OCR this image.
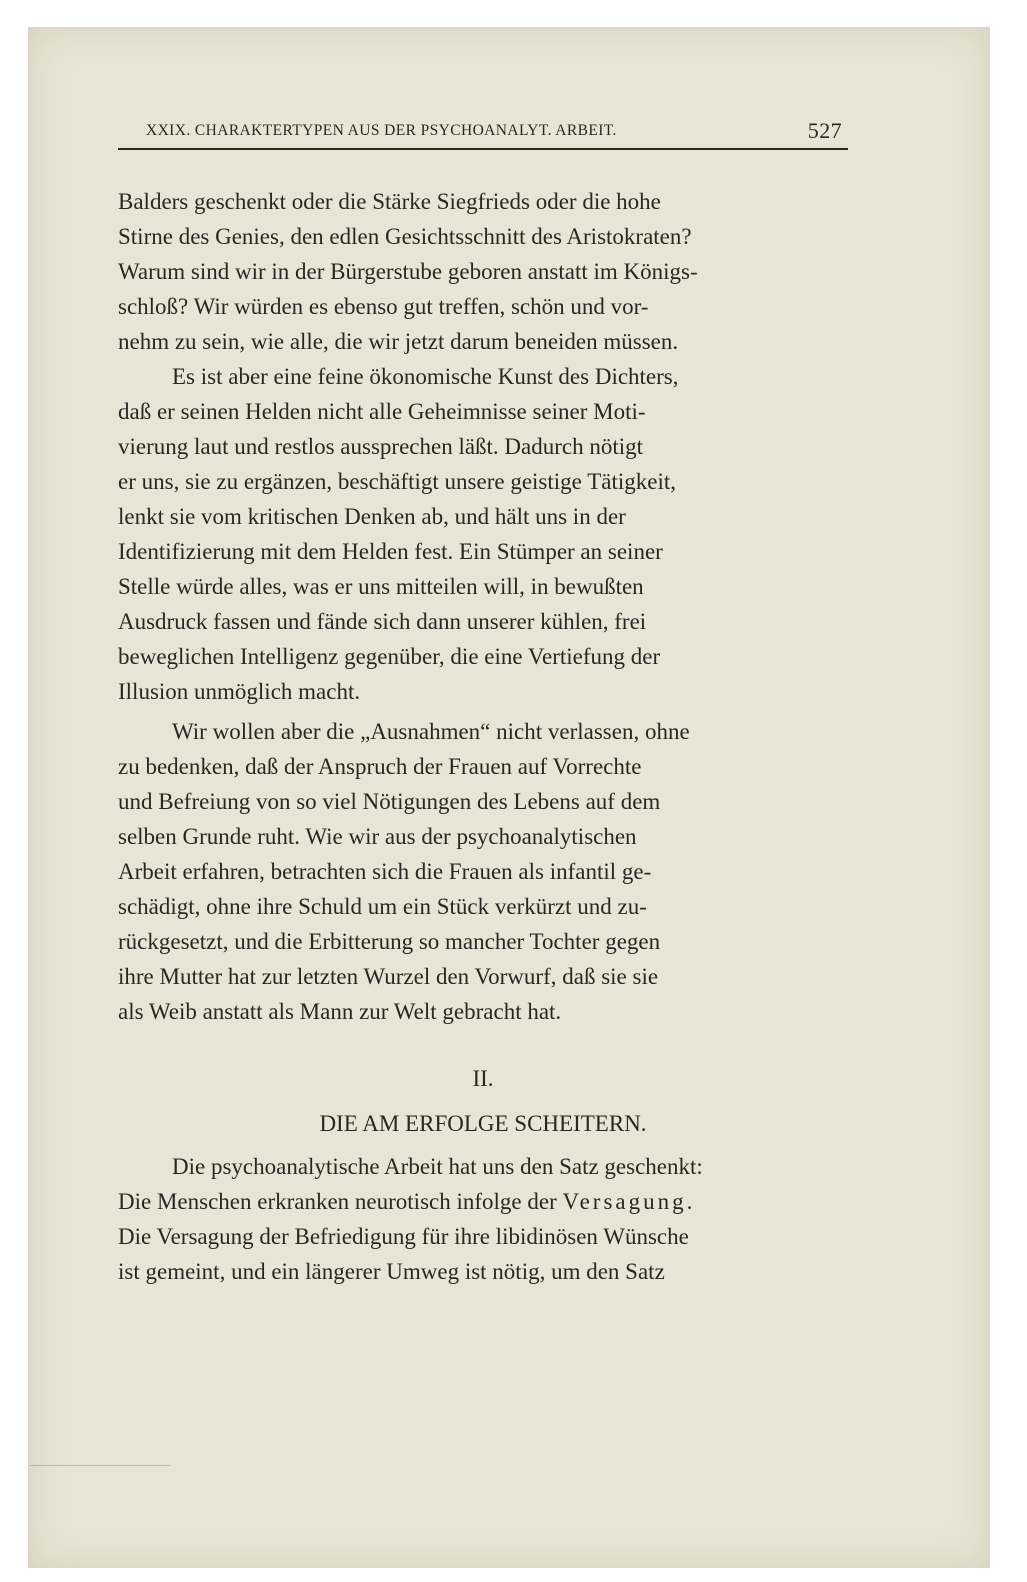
XXIX. CHARAKTERTYPEN AUS DER PSYCHOANALYT. ARBEIT.	527
Balders geschenkt oder die Stärke Siegfrieds oder die hohe
Stirne des Genies, den edlen Gesichtsschnitt des Aristokraten?
Warum sind wir in der Bürgerstube geboren anstatt im Königs-
schloß? Wir würden es ebenso gut treffen, schön und vor-
nehm zu sein, wie alle, die wir jetzt darum beneiden müssen.
Es ist aber eine feine ökonomische Kunst des Dichters,
daß er seinen Helden nicht alle Geheimnisse seiner Moti-
vierung laut und restlos aussprechen läßt. Dadurch nötigt
er uns, sie zu ergänzen, beschäftigt unsere geistige Tätigkeit,
lenkt sie vom kritischen Denken ab, und hält uns in der
Identifizierung mit dem Helden fest. Ein Stümper an seiner
Stelle würde alles, was er uns mitteilen will, in bewußten
Ausdruck fassen und fände sich dann unserer kühlen, frei
beweglichen Intelligenz gegenüber, die eine Vertiefung der
Illusion unmöglich macht.
Wir wollen aber die „Ausnahmen“ nicht verlassen, ohne
zu bedenken, daß der Anspruch der Frauen auf Vorrechte
und Befreiung von so viel Nötigungen des Lebens auf dem
selben Grunde ruht. Wie wir aus der psychoanalytischen
Arbeit erfahren, betrachten sich die Frauen als infantil ge-
schädigt, ohne ihre Schuld um ein Stück verkürzt und zu-
rückgesetzt, und die Erbitterung so mancher Tochter gegen
ihre Mutter hat zur letzten Wurzel den Vorwurf, daß sie sie
als Weib anstatt als Mann zur Welt gebracht hat.
II.
DIE AM ERFOLGE SCHEITERN.
Die psychoanalytische Arbeit hat uns den Satz geschenkt:
Die Menschen erkranken neurotisch infolge der Versagung.
Die Versagung der Befriedigung für ihre libidinösen Wünsche
ist gemeint, und ein längerer Umweg ist nötig, um den Satz
